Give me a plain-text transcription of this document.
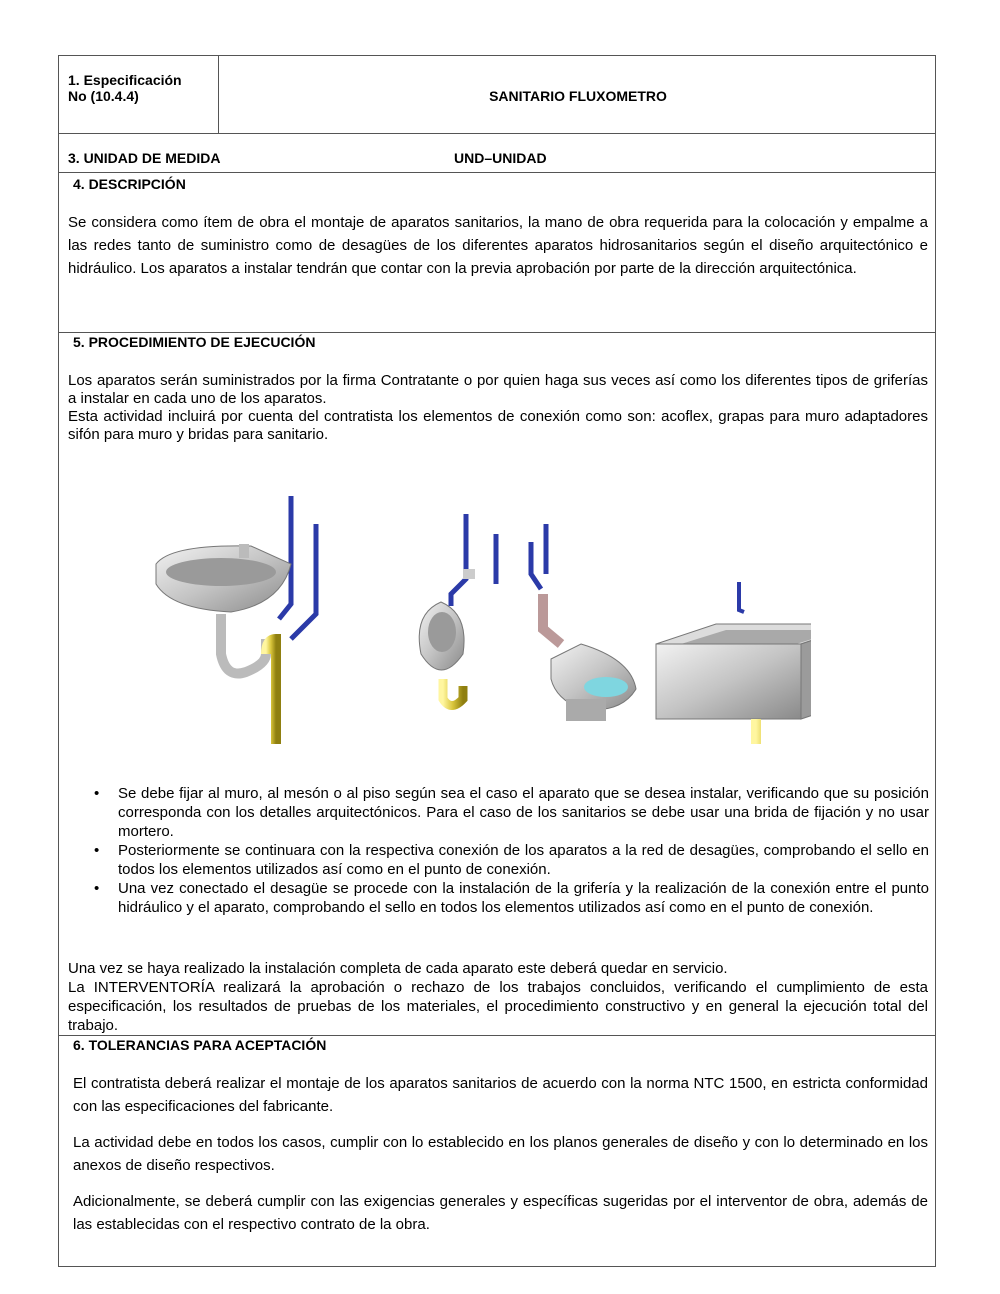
1. Especificación
No (10.4.4)	SANITARIO FLUXOMETRO
3. UNIDAD DE MEDIDA	UND–UNIDAD
4. DESCRIPCIÓN

Se considera como ítem de obra el montaje de aparatos sanitarios, la mano de obra requerida para la colocación y empalme a las redes tanto de suministro como de desagües de los diferentes aparatos hidrosanitarios según el diseño arquitectónico e hidráulico. Los aparatos a instalar tendrán que contar con la previa aprobación por parte de la dirección arquitectónica.

5. PROCEDIMIENTO DE EJECUCIÓN

Los aparatos serán suministrados por la firma Contratante o por quien haga sus veces así como los diferentes tipos de griferías a instalar en cada uno de los aparatos.

Esta actividad incluirá por cuenta del contratista los elementos de conexión como son: acoflex, grapas para muro adaptadores sifón para muro y bridas para sanitario.

• Se debe fijar al muro, al mesón o al piso según sea el caso el aparato que se desea instalar, verificando que su posición corresponda con los detalles arquitectónicos. Para el caso de los sanitarios se debe usar una brida de fijación y no usar mortero.
• Posteriormente se continuara con la respectiva conexión de los aparatos a la red de desagües, comprobando el sello en todos los elementos utilizados así como en el punto de conexión.
• Una vez conectado el desagüe se procede con la instalación de la grifería y la realización de la conexión entre el punto hidráulico y el aparato, comprobando el sello en todos los elementos utilizados así como en el punto de conexión.

Una vez se haya realizado la instalación completa de cada aparato este deberá quedar en servicio.

La INTERVENTORÍA realizará la aprobación o rechazo de los trabajos concluidos, verificando el cumplimiento de esta especificación, los resultados de pruebas de los materiales, el procedimiento constructivo y en general la ejecución total del trabajo.

6. TOLERANCIAS PARA ACEPTACIÓN

El contratista deberá realizar el montaje de los aparatos sanitarios de acuerdo con la norma NTC 1500, en estricta conformidad con las especificaciones del fabricante.

La actividad debe en todos los casos, cumplir con lo establecido en los planos generales de diseño y con lo determinado en los anexos de diseño respectivos.

Adicionalmente, se deberá cumplir con las exigencias generales y específicas sugeridas por el interventor de obra, además de las establecidas con el respectivo contrato de la obra.
